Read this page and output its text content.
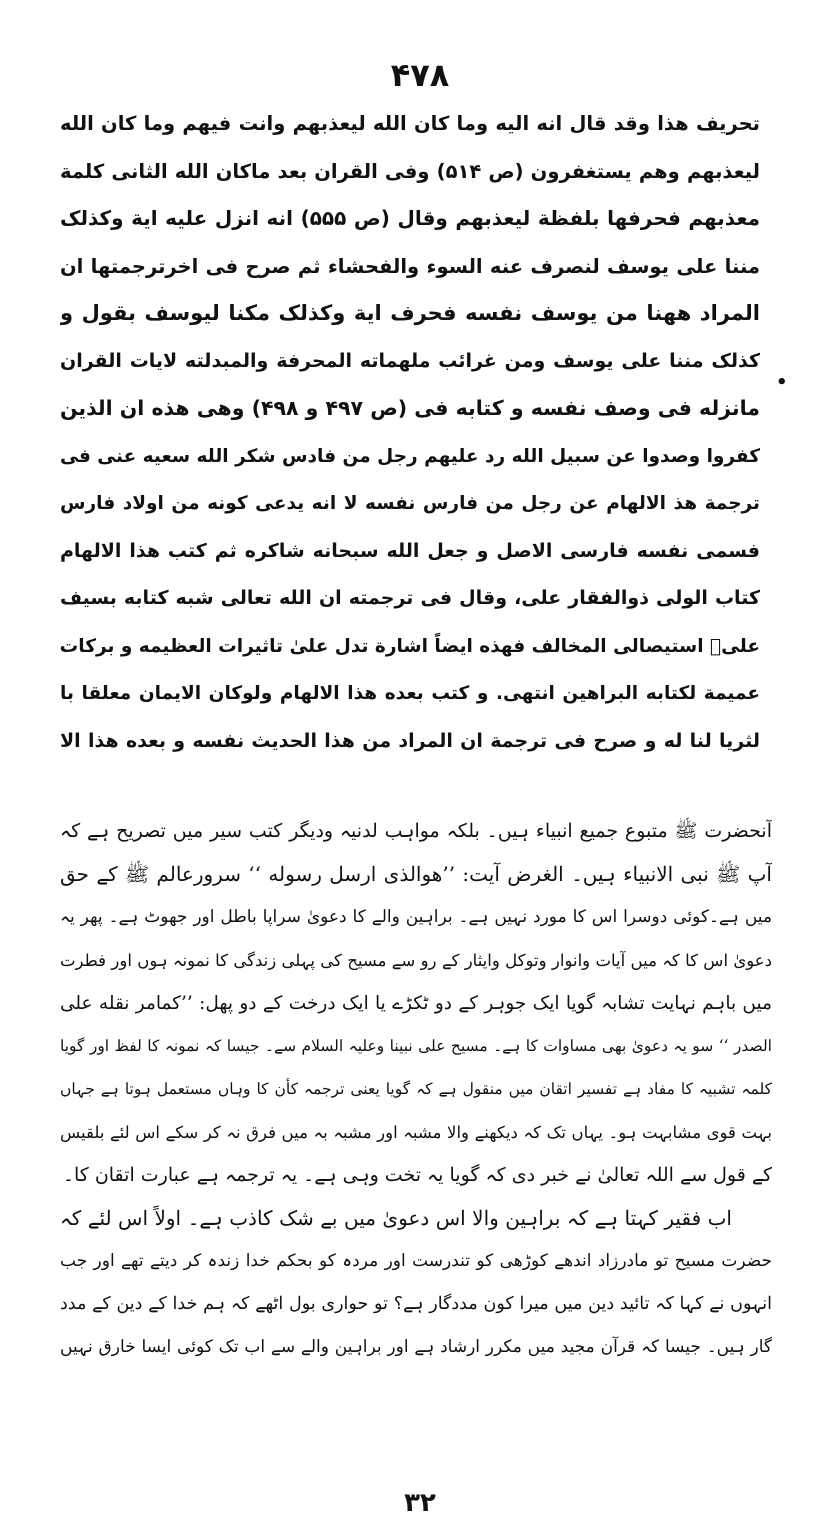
۴۷۸
•
تحريف هذا وقد قال انه اليه وما كان الله ليعذبهم وانت فيهم وما كان الله
ليعذبهم وهم يستغفرون (ص ۵۱۴) وفى القران بعد ماكان الله الثانى كلمة
معذبهم فحرفها بلفظة ليعذبهم وقال (ص ۵۵۵) انه انزل عليه اية وكذلک
مننا على يوسف لنصرف عنه السوء والفحشاء ثم صرح فى اخرترجمتها ان
المراد ههنا من يوسف نفسه فحرف اية وكذلک مكنا ليوسف بقول و
كذلک مننا على يوسف ومن غرائب ملهماته المحرفة والمبدلته لايات القران
مانزله فى وصف نفسه و كتابه فى (ص ۴۹۷ و ۴۹۸) وهى هذه ان الذين
كفروا وصدوا عن سبيل الله رد عليهم رجل من فادس شكر الله سعيه عنى فى
ترجمة هذ الالهام عن رجل من فارس نفسه لا انه يدعى كونه من اولاد فارس
فسمى نفسه فارسى الاصل و جعل الله سبحانه شاكره ثم كتب هذا الالهام
كتاب الولى ذوالفقار على، وقال فى ترجمته ان الله تعالى شبه كتابه بسيف
علىؑ استيصالى المخالف فهذه ايضاً اشارة تدل علىٰ تاثيرات العظيمه و بركات
عميمة لكتابه البراهين انتهى. و كتب بعده هذا الالهام ولوكان الايمان معلقا با
لثريا لنا له و صرح فى ترجمة ان المراد من هذا الحديث نفسه و بعده هذا الا
آنحضرت ﷺ متبوع جمیع انبیاء ہیں۔ بلکہ مواہب لدنیہ ودیگر کتب سیر میں تصریح ہے کہ
آپ ﷺ نبی الانبیاء ہیں۔ الغرض آیت: ’’هوالذى ارسل رسوله ‘‘ سرورعالم ﷺ کے حق
میں ہے۔کوئی دوسرا اس کا مورد نہیں ہے۔ براہین والے کا دعویٰ سراپا باطل اور جھوٹ ہے۔ پھر یہ
دعویٰ اس کا کہ میں آیات وانوار وتوکل وایثار کے رو سے مسیح کی پہلی زندگی کا نمونہ ہوں اور فطرت
میں باہم نہایت تشابہ گویا ایک جوہر کے دو ٹکڑے یا ایک درخت کے دو پھل: ’’کمامر نقله على
الصدر ‘‘ سو یہ دعویٰ بھی مساوات کا ہے۔ مسیح علی نبینا وعلیہ السلام سے۔ جیسا کہ نمونہ کا لفظ اور گویا
کلمہ تشبیہ کا مفاد ہے تفسیر اتقان میں منقول ہے کہ گویا یعنی ترجمہ کأن کا وہاں مستعمل ہوتا ہے جہاں
بہت قوی مشابہت ہو۔ یہاں تک کہ دیکھنے والا مشبہ اور مشبہ بہ میں فرق نہ کر سکے اس لئے بلقیس
کے قول سے اللہ تعالیٰ نے خبر دی کہ گویا یہ تخت وہی ہے۔ یہ ترجمہ ہے عبارت اتقان کا۔
اب فقیر کہتا ہے کہ براہین والا اس دعویٰ میں بے شک کاذب ہے۔ اولاً اس لئے کہ
حضرت مسیح تو مادرزاد اندھے کوڑھی کو تندرست اور مردہ کو بحکم خدا زندہ کر دیتے تھے اور جب
انہوں نے کہا کہ تائید دین میں میرا کون مددگار ہے؟ تو حواری بول اٹھے کہ ہم خدا کے دین کے مدد
گار ہیں۔ جیسا کہ قرآن مجید میں مکرر ارشاد ہے اور براہین والے سے اب تک کوئی ایسا خارق نہیں
۳۲
